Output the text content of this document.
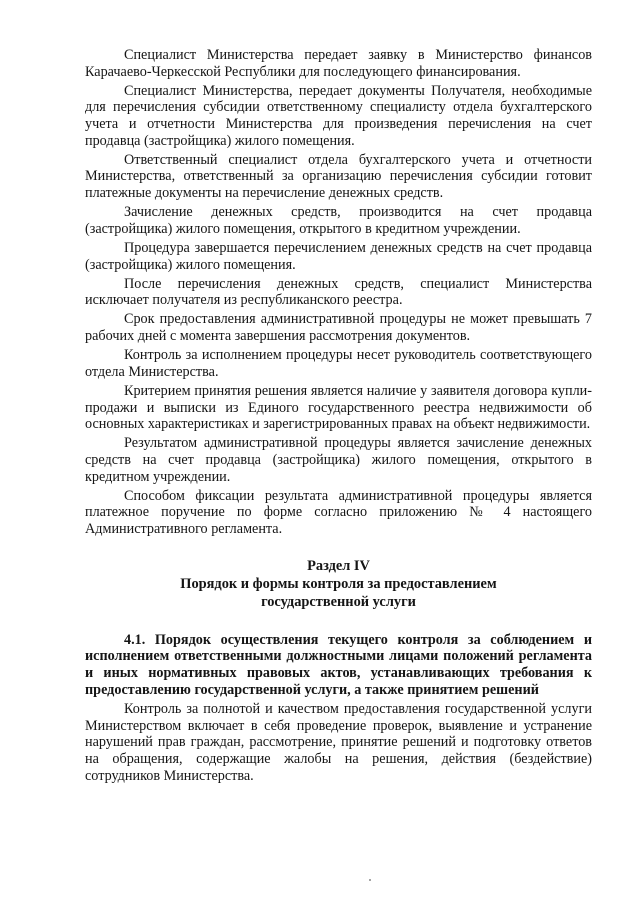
Специалист Министерства передает заявку в Министерство финансов Карачаево-Черкесской Республики для последующего финансирования.

Специалист Министерства, передает документы Получателя, необходимые для перечисления субсидии ответственному специалисту отдела бухгалтерского учета и отчетности Министерства для произведения перечисления на счет продавца (застройщика) жилого помещения.

Ответственный специалист отдела бухгалтерского учета и отчетности Министерства, ответственный за организацию перечисления субсидии готовит платежные документы на перечисление денежных средств.

Зачисление денежных средств, производится на счет продавца (застройщика) жилого помещения, открытого в кредитном учреждении.

Процедура завершается перечислением денежных средств на счет продавца (застройщика) жилого помещения.

После перечисления денежных средств, специалист Министерства исключает получателя из республиканского реестра.

Срок предоставления административной процедуры не может превышать 7 рабочих дней с момента завершения рассмотрения документов.

Контроль за исполнением процедуры несет руководитель соответствующего отдела Министерства.

Критерием принятия решения является наличие у заявителя договора купли-продажи и выписки из Единого государственного реестра недвижимости об основных характеристиках и зарегистрированных правах на объект недвижимости.

Результатом административной процедуры является зачисление денежных средств на счет продавца (застройщика) жилого помещения, открытого в кредитном учреждении.

Способом фиксации результата административной процедуры является платежное поручение по форме согласно приложению № 4 настоящего Административного регламента.

Раздел IV
Порядок и формы контроля за предоставлением
государственной услуги

4.1. Порядок осуществления текущего контроля за соблюдением и исполнением ответственными должностными лицами положений регламента и иных нормативных правовых актов, устанавливающих требования к предоставлению государственной услуги, а также принятием решений

Контроль за полнотой и качеством предоставления государственной услуги Министерством включает в себя проведение проверок, выявление и устранение нарушений прав граждан, рассмотрение, принятие решений и подготовку ответов на обращения, содержащие жалобы на решения, действия (бездействие) сотрудников Министерства.
